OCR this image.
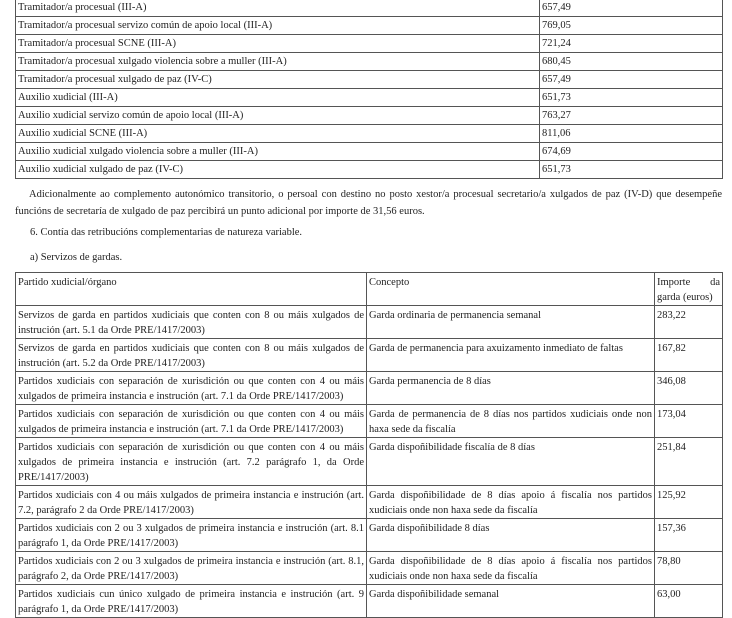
Tramitador/a procesual (III-A)	657,49
Tramitador/a procesual servizo común de apoio local (III-A)	769,05
Tramitador/a procesual SCNE (III-A)	721,24
Tramitador/a procesual xulgado violencia sobre a muller (III-A)	680,45
Tramitador/a procesual xulgado de paz (IV-C)	657,49
Auxilio xudicial (III-A)	651,73
Auxilio xudicial servizo común de apoio local (III-A)	763,27
Auxilio xudicial SCNE (III-A)	811,06
Auxilio xudicial xulgado violencia sobre a muller (III-A)	674,69
Auxilio xudicial xulgado de paz (IV-C)	651,73

Adicionalmente ao complemento autonómico transitorio, o persoal con destino no posto xestor/a procesual secretario/a xulgados de paz (IV-D) que desempeñe funcións de secretaría de xulgado de paz percibirá un punto adicional por importe de 31,56 euros.

6. Contía das retribucións complementarias de natureza variable.

a) Servizos de gardas.

Partido xudicial/órgano	Concepto	Importe da garda (euros)
Servizos de garda en partidos xudiciais que conten con 8 ou máis xulgados de instrución (art. 5.1 da Orde PRE/1417/2003)	Garda ordinaria de permanencia semanal	283,22
Servizos de garda en partidos xudiciais que conten con 8 ou máis xulgados de instrución (art. 5.2 da Orde PRE/1417/2003)	Garda de permanencia para axuizamento inmediato de faltas	167,82
Partidos xudiciais con separación de xurisdición ou que conten con 4 ou máis xulgados de primeira instancia e instrución (art. 7.1 da Orde PRE/1417/2003)	Garda permanencia de 8 días	346,08
Partidos xudiciais con separación de xurisdición ou que conten con 4 ou máis xulgados de primeira instancia e instrución (art. 7.1 da Orde PRE/1417/2003)	Garda de permanencia de 8 días nos partidos xudiciais onde non haxa sede da fiscalía	173,04
Partidos xudiciais con separación de xurisdición ou que conten con 4 ou máis xulgados de primeira instancia e instrución (art. 7.2 parágrafo 1, da Orde PRE/1417/2003)	Garda dispoñibilidade fiscalía de 8 días	251,84
Partidos xudiciais con 4 ou máis xulgados de primeira instancia e instrución (art. 7.2, parágrafo 2 da Orde PRE/1417/2003)	Garda dispoñibilidade de 8 días apoio á fiscalía nos partidos xudiciais onde non haxa sede da fiscalía	125,92
Partidos xudiciais con 2 ou 3 xulgados de primeira instancia e instrución (art. 8.1 parágrafo 1, da Orde PRE/1417/2003)	Garda dispoñibilidade 8 días	157,36
Partidos xudiciais con 2 ou 3 xulgados de primeira instancia e instrución (art. 8.1, parágrafo 2, da Orde PRE/1417/2003)	Garda dispoñibilidade de 8 días apoio á fiscalía nos partidos xudiciais onde non haxa sede da fiscalía	78,80
Partidos xudiciais cun único xulgado de primeira instancia e instrución (art. 9 parágrafo 1, da Orde PRE/1417/2003)	Garda dispoñibilidade semanal	63,00
